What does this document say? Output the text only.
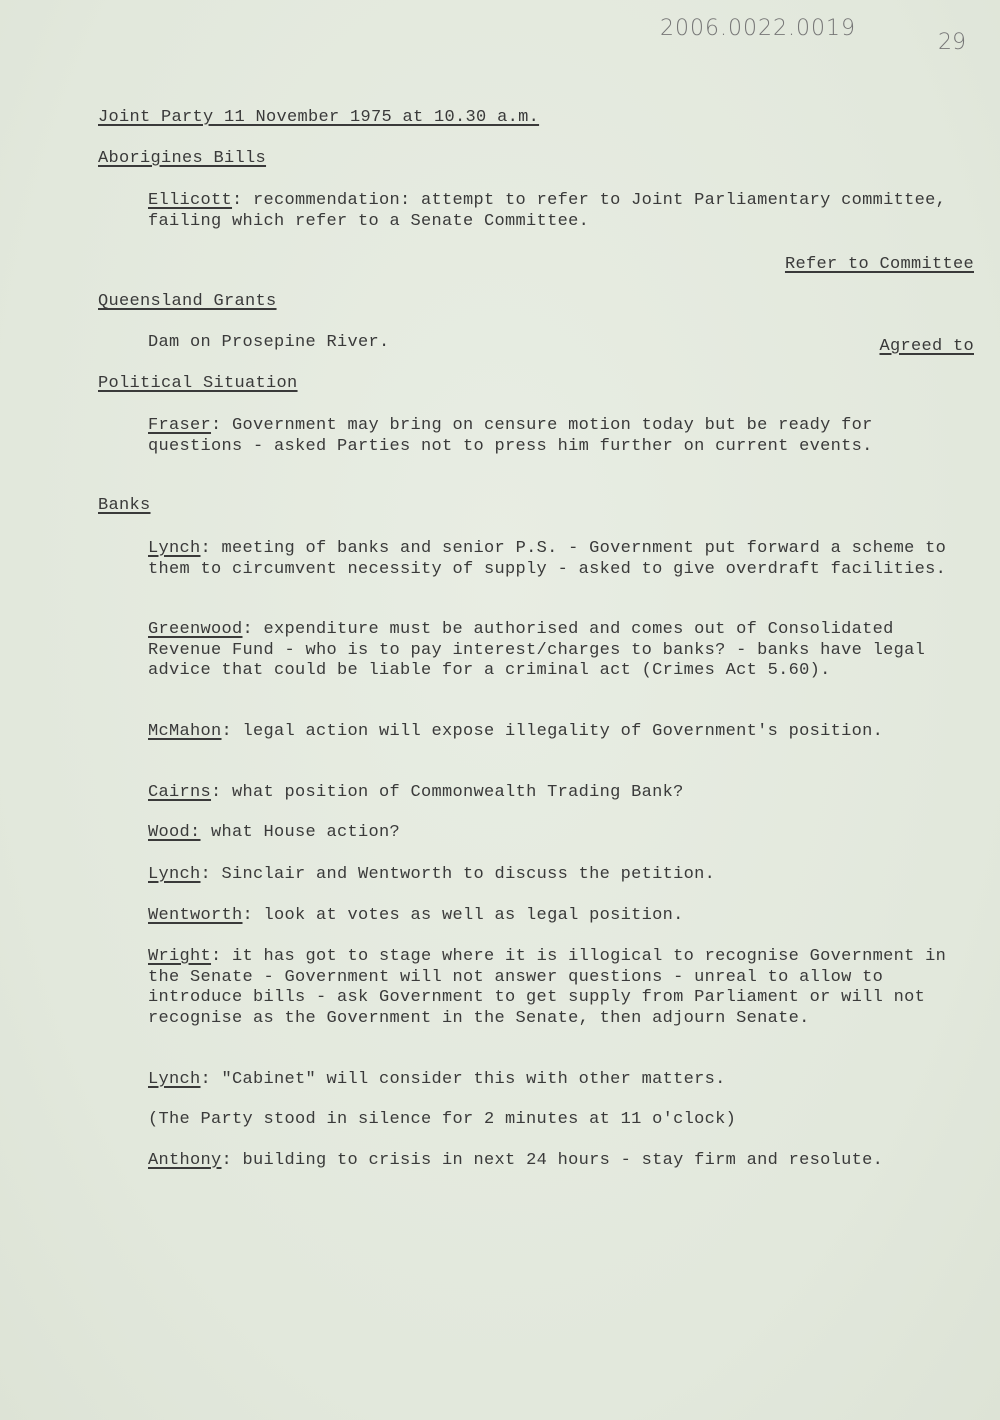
2006.0022.0019
29
Joint Party 11 November 1975 at 10.30 a.m.
Aborigines Bills
Ellicott: recommendation: attempt to refer to Joint Parliamentary committee, failing which refer to a Senate Committee.
Refer to Committee
Queensland Grants
Dam on Prosepine River.	Agreed to
Political Situation
Fraser: Government may bring on censure motion today but be ready for questions - asked Parties not to press him further on current events.
Banks
Lynch: meeting of banks and senior P.S. - Government put forward a scheme to them to circumvent necessity of supply - asked to give overdraft facilities.
Greenwood: expenditure must be authorised and comes out of Consolidated Revenue Fund - who is to pay interest/charges to banks? - banks have legal advice that could be liable for a criminal act (Crimes Act 5.60).
McMahon: legal action will expose illegality of Government's position.
Cairns: what position of Commonwealth Trading Bank?
Wood: what House action?
Lynch: Sinclair and Wentworth to discuss the petition.
Wentworth: look at votes as well as legal position.
Wright: it has got to stage where it is illogical to recognise Government in the Senate - Government will not answer questions - unreal to allow to introduce bills - ask Government to get supply from Parliament or will not recognise as the Government in the Senate, then adjourn Senate.
Lynch: "Cabinet" will consider this with other matters.
(The Party stood in silence for 2 minutes at 11 o'clock)
Anthony: building to crisis in next 24 hours - stay firm and resolute.
